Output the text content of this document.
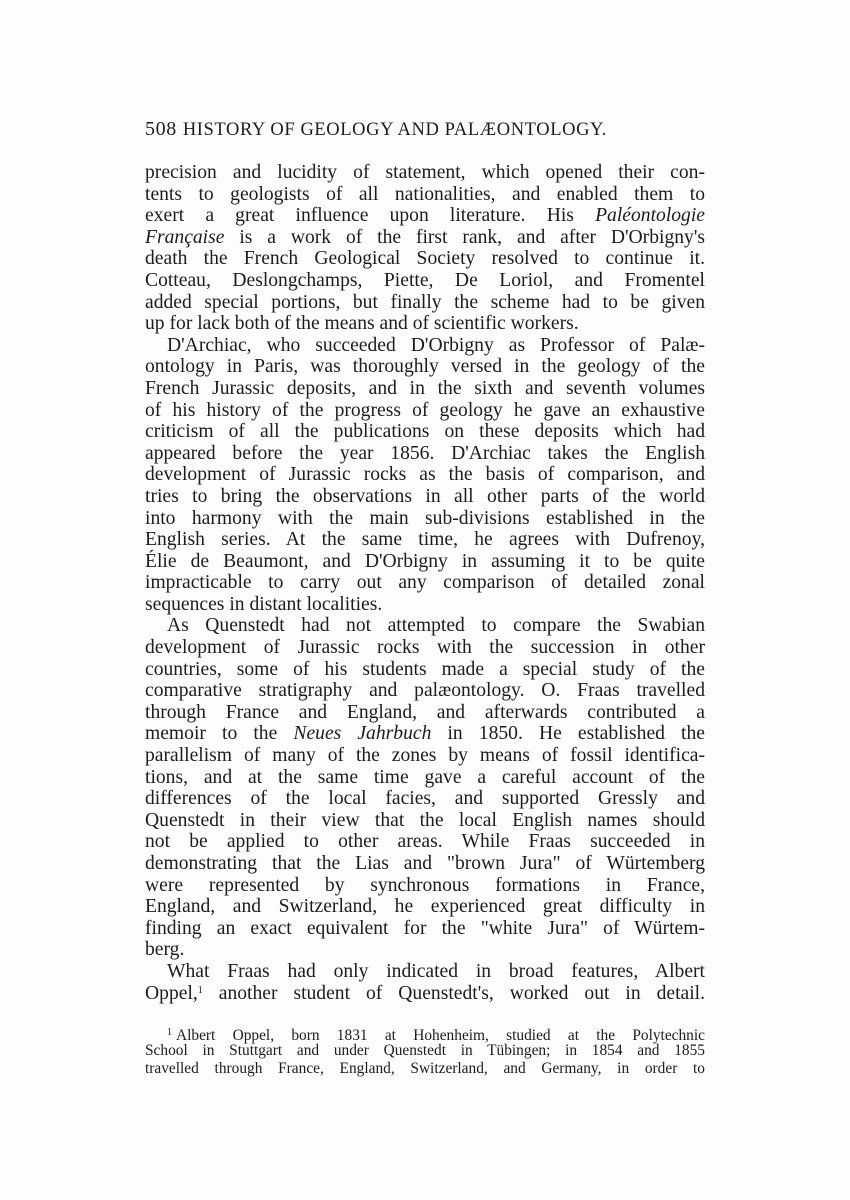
508 HISTORY OF GEOLOGY AND PALÆONTOLOGY.
precision and lucidity of statement, which opened their con-
tents to geologists of all nationalities, and enabled them to
exert a great influence upon literature. His Paléontologie
Française is a work of the first rank, and after D'Orbigny's
death the French Geological Society resolved to continue it.
Cotteau, Deslongchamps, Piette, De Loriol, and Fromentel
added special portions, but finally the scheme had to be given
up for lack both of the means and of scientific workers.
D'Archiac, who succeeded D'Orbigny as Professor of Palæ-
ontology in Paris, was thoroughly versed in the geology of the
French Jurassic deposits, and in the sixth and seventh volumes
of his history of the progress of geology he gave an exhaustive
criticism of all the publications on these deposits which had
appeared before the year 1856. D'Archiac takes the English
development of Jurassic rocks as the basis of comparison, and
tries to bring the observations in all other parts of the world
into harmony with the main sub-divisions established in the
English series. At the same time, he agrees with Dufrenoy,
Élie de Beaumont, and D'Orbigny in assuming it to be quite
impracticable to carry out any comparison of detailed zonal
sequences in distant localities.
As Quenstedt had not attempted to compare the Swabian
development of Jurassic rocks with the succession in other
countries, some of his students made a special study of the
comparative stratigraphy and palæontology. O. Fraas travelled
through France and England, and afterwards contributed a
memoir to the Neues Jahrbuch in 1850. He established the
parallelism of many of the zones by means of fossil identifica-
tions, and at the same time gave a careful account of the
differences of the local facies, and supported Gressly and
Quenstedt in their view that the local English names should
not be applied to other areas. While Fraas succeeded in
demonstrating that the Lias and "brown Jura" of Würtemberg
were represented by synchronous formations in France,
England, and Switzerland, he experienced great difficulty in
finding an exact equivalent for the "white Jura" of Würtem-
berg.
What Fraas had only indicated in broad features, Albert
Oppel,$^1$ another student of Quenstedt's, worked out in detail.
$^1$ Albert Oppel, born 1831 at Hohenheim, studied at the Polytechnic
School in Stuttgart and under Quenstedt in Tübingen; in 1854 and 1855
travelled through France, England, Switzerland, and Germany, in order to
